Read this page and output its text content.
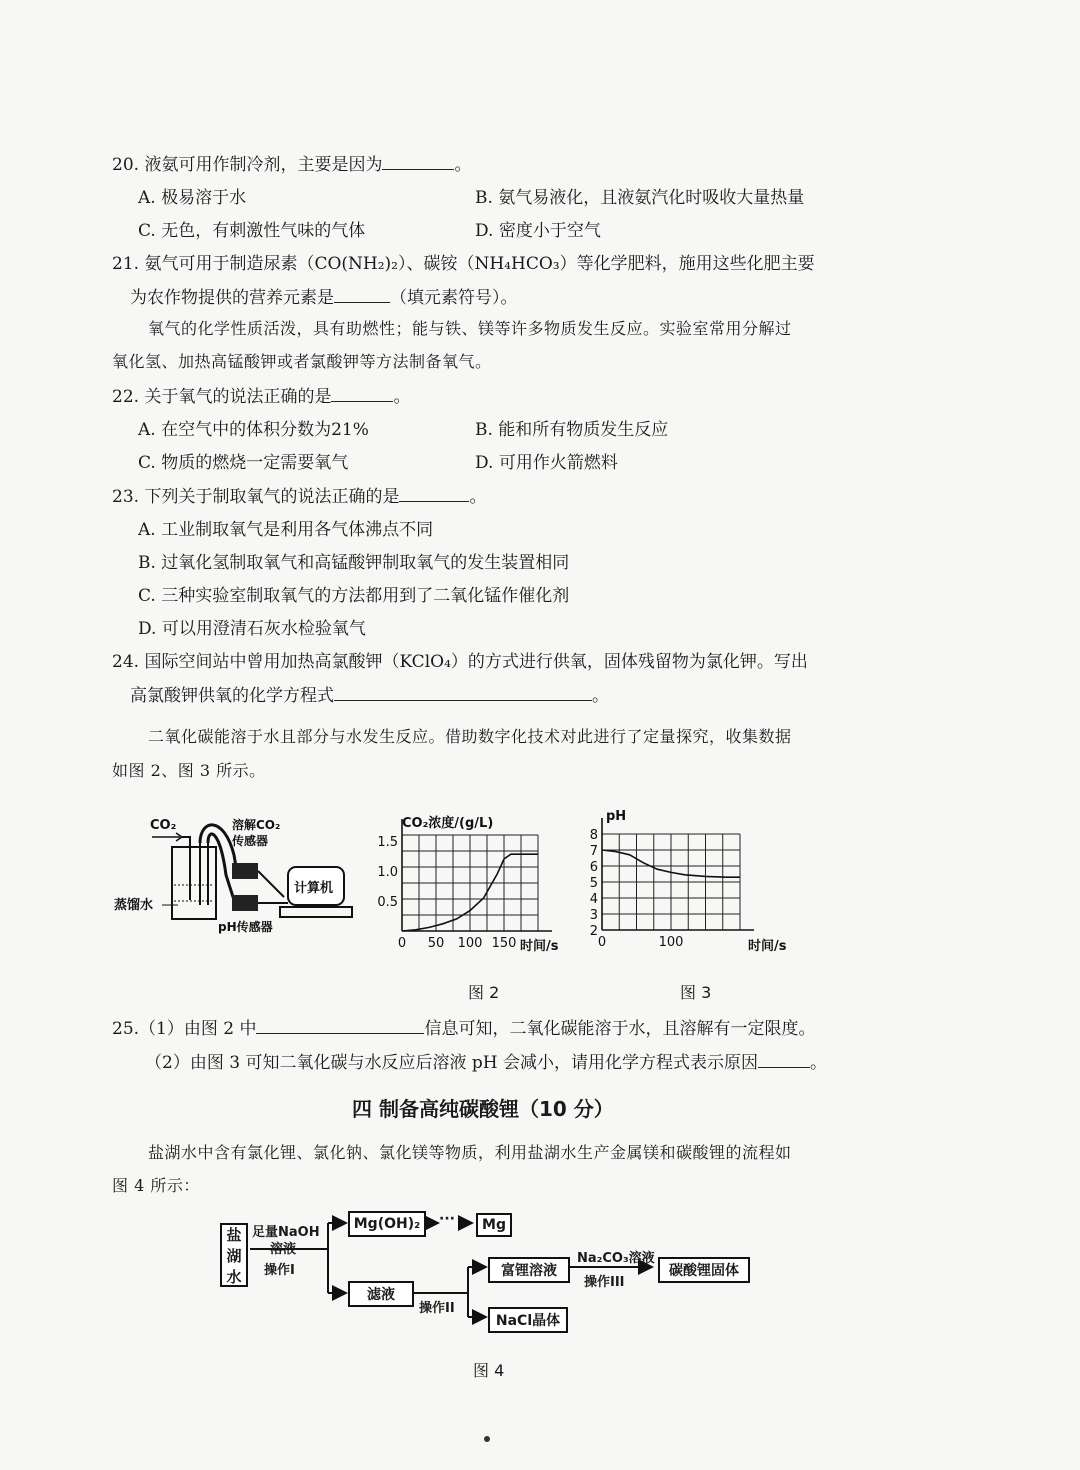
20. 液氨可用作制冷剂，主要是因为	。
A. 极易溶于水	B. 氨气易液化，且液氨汽化时吸收大量热量
C. 无色，有刺激性气味的气体	D. 密度小于空气
21. 氨气可用于制造尿素（CO(NH₂)₂）、碳铵（NH₄HCO₃）等化学肥料，施用这些化肥主要
为农作物提供的营养元素是	（填元素符号）。
氧气的化学性质活泼，具有助燃性；能与铁、镁等许多物质发生反应。实验室常用分解过
氧化氢、加热高锰酸钾或者氯酸钾等方法制备氧气。
22. 关于氧气的说法正确的是	。
A. 在空气中的体积分数为21%	B. 能和所有物质发生反应
C. 物质的燃烧一定需要氧气	D. 可用作火箭燃料
23. 下列关于制取氧气的说法正确的是	。
A. 工业制取氧气是利用各气体沸点不同
B. 过氧化氢制取氧气和高锰酸钾制取氧气的发生装置相同
C. 三种实验室制取氧气的方法都用到了二氧化锰作催化剂
D. 可以用澄清石灰水检验氧气
24. 国际空间站中曾用加热高氯酸钾（KClO₄）的方式进行供氧，固体残留物为氯化钾。写出
高氯酸钾供氧的化学方程式	。
二氧化碳能溶于水且部分与水发生反应。借助数字化技术对此进行了定量探究，收集数据
如图 2、图 3 所示。
CO₂
蒸馏水
溶解CO₂
传感器
pH传感器
计算机
CO₂浓度/(g/L)
时间/s
0.5
1.0
1.5
0 50 100 150
图 2
pH
时间/s
2
3
4
5
6
7
8
0	100
图 3
25.（1）由图 2 中	信息可知，二氧化碳能溶于水，且溶解有一定限度。
（2）由图 3 可知二氧化碳与水反应后溶液 pH 会减小，请用化学方程式表示原因	。
四 制备高纯碳酸锂（10 分）
盐湖水中含有氯化锂、氯化钠、氯化镁等物质，利用盐湖水生产金属镁和碳酸锂的流程如
图 4 所示：
盐
湖
水
足量NaOH
溶液
操作I
Mg(OH)₂	···	Mg
滤液
操作II
富锂溶液
NaCl晶体
Na₂CO₃溶液
操作III
碳酸锂固体
图 4
